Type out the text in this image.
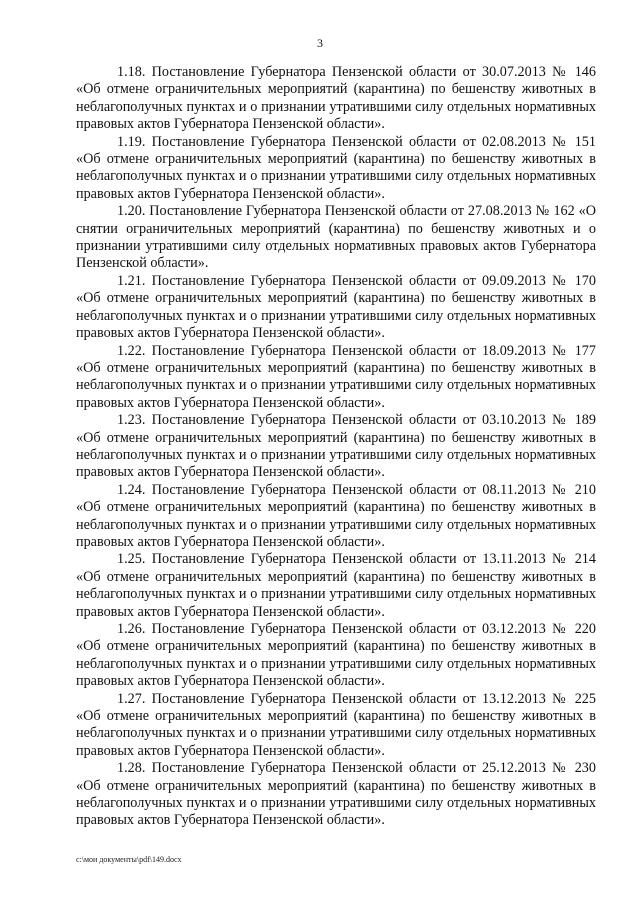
3

1.18. Постановление Губернатора Пензенской области от 30.07.2013 № 146 «Об отмене ограничительных мероприятий (карантина) по бешенству животных в неблагополучных пунктах и о признании утратившими силу отдельных нормативных правовых актов Губернатора Пензенской области».

1.19. Постановление Губернатора Пензенской области от 02.08.2013 № 151 «Об отмене ограничительных мероприятий (карантина) по бешенству животных в неблагополучных пунктах и о признании утратившими силу отдельных нормативных правовых актов Губернатора Пензенской области».

1.20. Постановление Губернатора Пензенской области от 27.08.2013 № 162 «О снятии ограничительных мероприятий (карантина) по бешенству животных и о признании утратившими силу отдельных нормативных правовых актов Губернатора Пензенской области».

1.21. Постановление Губернатора Пензенской области от 09.09.2013 № 170 «Об отмене ограничительных мероприятий (карантина) по бешенству животных в неблагополучных пунктах и о признании утратившими силу отдельных нормативных правовых актов Губернатора Пензенской области».

1.22. Постановление Губернатора Пензенской области от 18.09.2013 № 177 «Об отмене ограничительных мероприятий (карантина) по бешенству животных в неблагополучных пунктах и о признании утратившими силу отдельных нормативных правовых актов Губернатора Пензенской области».

1.23. Постановление Губернатора Пензенской области от 03.10.2013 № 189 «Об отмене ограничительных мероприятий (карантина) по бешенству животных в неблагополучных пунктах и о признании утратившими силу отдельных нормативных правовых актов Губернатора Пензенской области».

1.24. Постановление Губернатора Пензенской области от 08.11.2013 № 210 «Об отмене ограничительных мероприятий (карантина) по бешенству животных в неблагополучных пунктах и о признании утратившими силу отдельных нормативных правовых актов Губернатора Пензенской области».

1.25. Постановление Губернатора Пензенской области от 13.11.2013 № 214 «Об отмене ограничительных мероприятий (карантина) по бешенству животных в неблагополучных пунктах и о признании утратившими силу отдельных нормативных правовых актов Губернатора Пензенской области».

1.26. Постановление Губернатора Пензенской области от 03.12.2013 № 220 «Об отмене ограничительных мероприятий (карантина) по бешенству животных в неблагополучных пунктах и о признании утратившими силу отдельных нормативных правовых актов Губернатора Пензенской области».

1.27. Постановление Губернатора Пензенской области от 13.12.2013 № 225 «Об отмене ограничительных мероприятий (карантина) по бешенству животных в неблагополучных пунктах и о признании утратившими силу отдельных нормативных правовых актов Губернатора Пензенской области».

1.28. Постановление Губернатора Пензенской области от 25.12.2013 № 230 «Об отмене ограничительных мероприятий (карантина) по бешенству животных в неблагополучных пунктах и о признании утратившими силу отдельных нормативных правовых актов Губернатора Пензенской области».

c:\мои документы\pdf\149.docx
